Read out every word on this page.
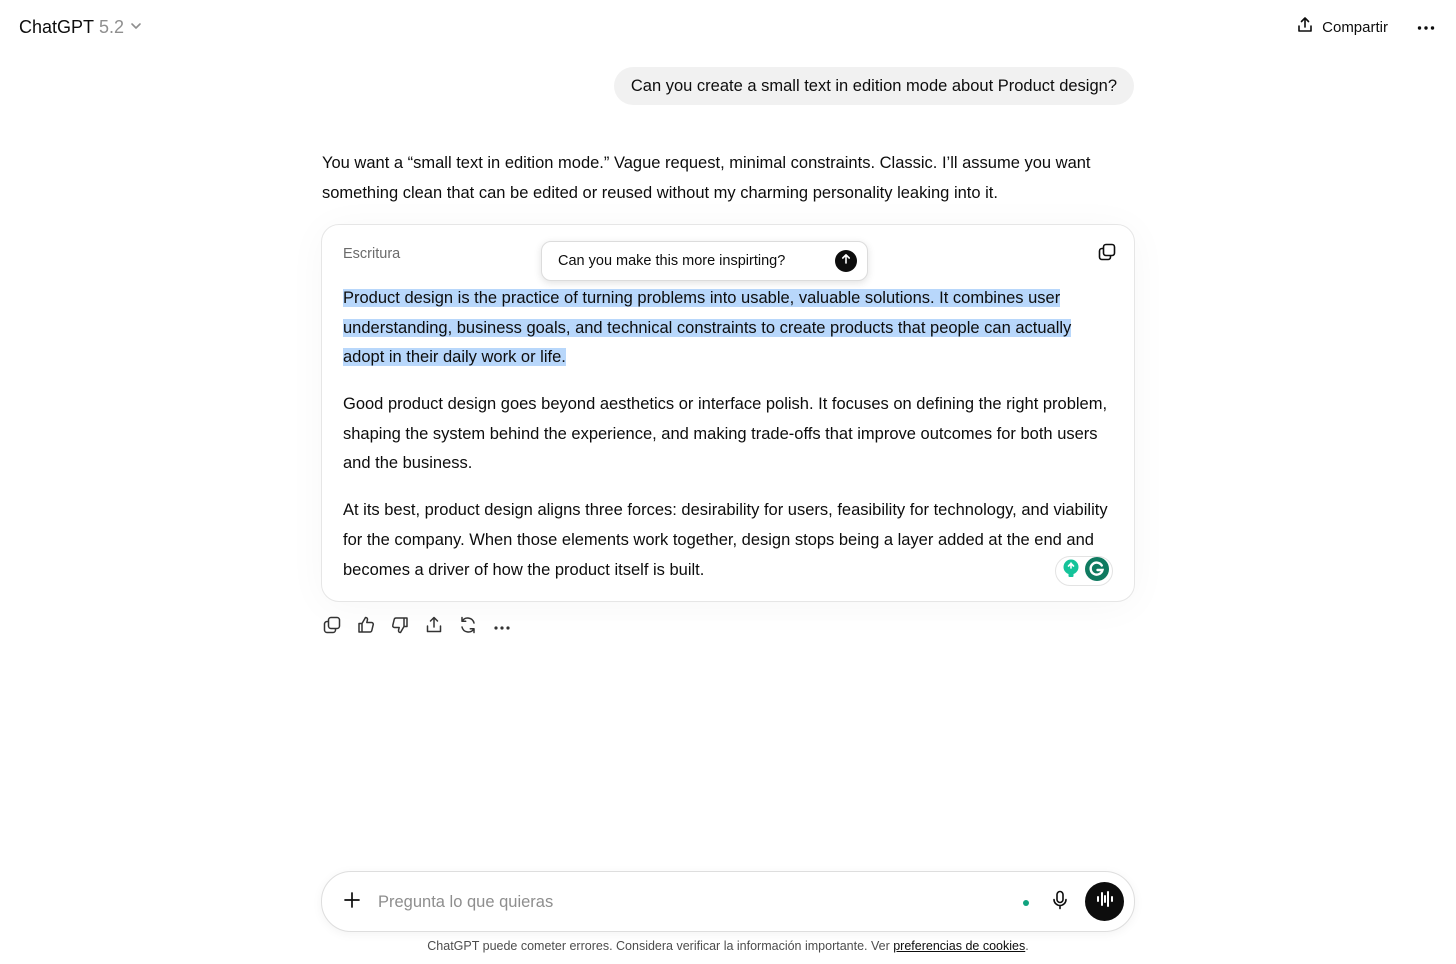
ChatGPT 5.2	Compartir
Can you create a small text in edition mode about Product design?
You want a “small text in edition mode.” Vague request, minimal constraints. Classic. I’ll assume you want something clean that can be edited or reused without my charming personality leaking into it.
Escritura

Product design is the practice of turning problems into usable, valuable solutions. It combines user understanding, business goals, and technical constraints to create products that people can actually adopt in their daily work or life.

Good product design goes beyond aesthetics or interface polish. It focuses on defining the right problem, shaping the system behind the experience, and making trade-offs that improve outcomes for both users and the business.

At its best, product design aligns three forces: desirability for users, feasibility for technology, and viability for the company. When those elements work together, design stops being a layer added at the end and becomes a driver of how the product itself is built.

Can you make this more inspirting?
Pregunta lo que quieras
ChatGPT puede cometer errores. Considera verificar la información importante. Ver preferencias de cookies.
